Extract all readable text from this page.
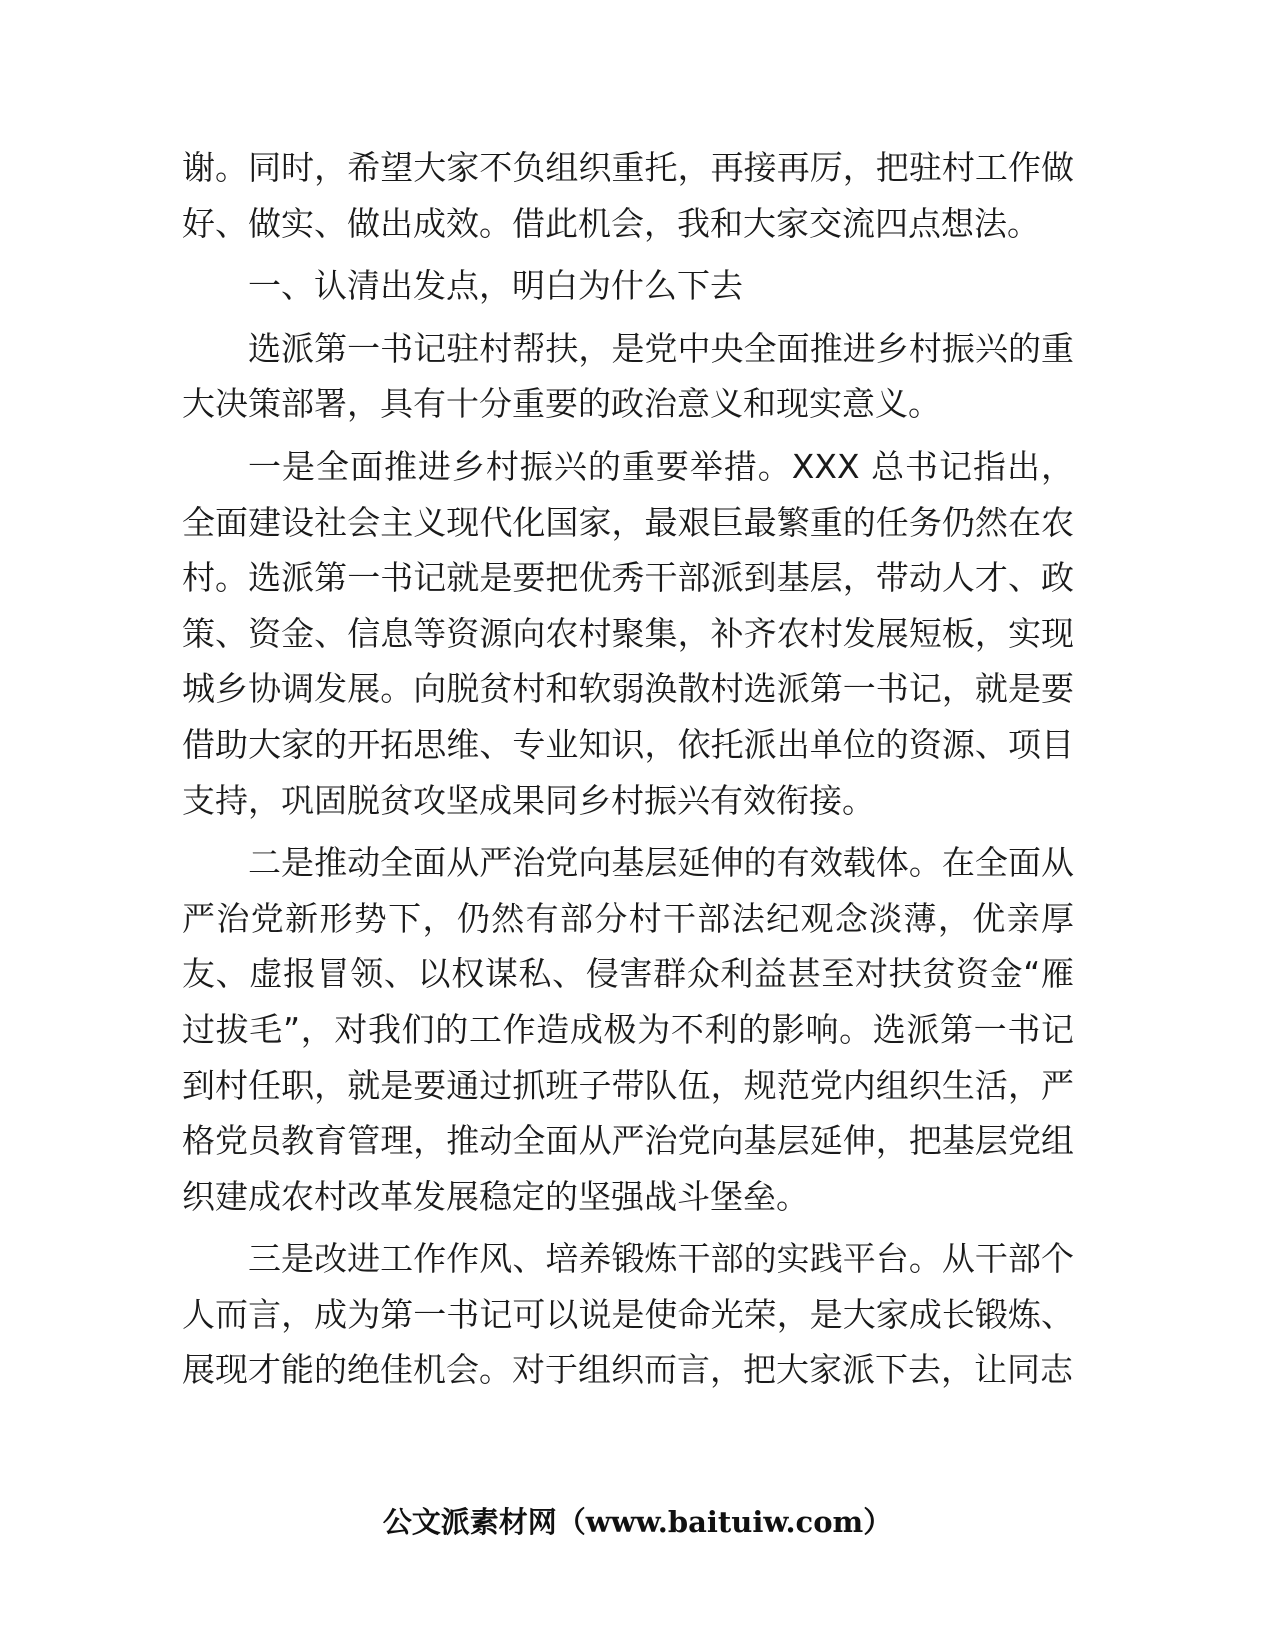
谢。同时，希望大家不负组织重托，再接再厉，把驻村工作做好、做实、做出成效。借此机会，我和大家交流四点想法。

一、认清出发点，明白为什么下去

选派第一书记驻村帮扶，是党中央全面推进乡村振兴的重大决策部署，具有十分重要的政治意义和现实意义。

一是全面推进乡村振兴的重要举措。XXX 总书记指出，全面建设社会主义现代化国家，最艰巨最繁重的任务仍然在农村。选派第一书记就是要把优秀干部派到基层，带动人才、政策、资金、信息等资源向农村聚集，补齐农村发展短板，实现城乡协调发展。向脱贫村和软弱涣散村选派第一书记，就是要借助大家的开拓思维、专业知识，依托派出单位的资源、项目支持，巩固脱贫攻坚成果同乡村振兴有效衔接。

二是推动全面从严治党向基层延伸的有效载体。在全面从严治党新形势下，仍然有部分村干部法纪观念淡薄，优亲厚友、虚报冒领、以权谋私、侵害群众利益甚至对扶贫资金“雁过拔毛”，对我们的工作造成极为不利的影响。选派第一书记到村任职，就是要通过抓班子带队伍，规范党内组织生活，严格党员教育管理，推动全面从严治党向基层延伸，把基层党组织建成农村改革发展稳定的坚强战斗堡垒。

三是改进工作作风、培养锻炼干部的实践平台。从干部个人而言，成为第一书记可以说是使命光荣，是大家成长锻炼、展现才能的绝佳机会。对于组织而言，把大家派下去，让同志

公文派素材网（www.baituiw.com）
